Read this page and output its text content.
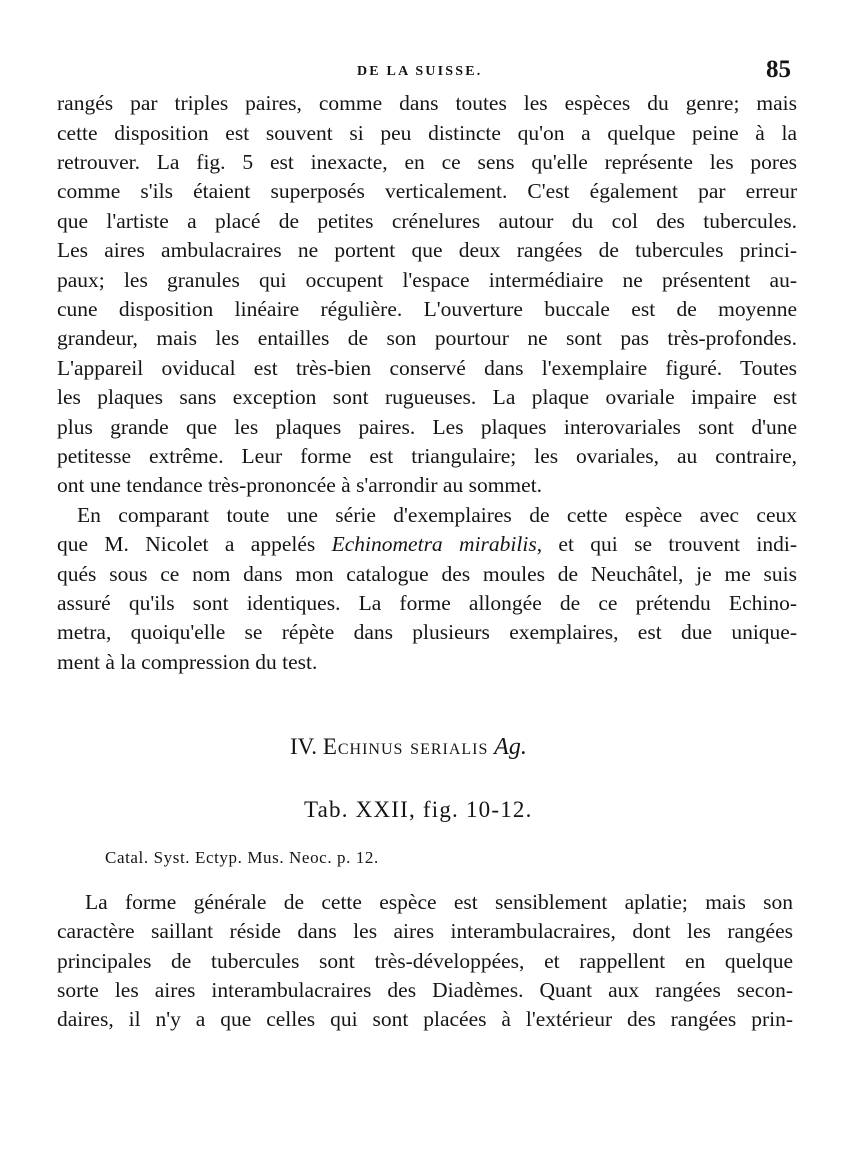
DE LA SUISSE.	85
rangés par triples paires, comme dans toutes les espèces du genre; mais
cette disposition est souvent si peu distincte qu'on a quelque peine à la
retrouver. La fig. 5 est inexacte, en ce sens qu'elle représente les pores
comme s'ils étaient superposés verticalement. C'est également par erreur
que l'artiste a placé de petites crénelures autour du col des tubercules.
Les aires ambulacraires ne portent que deux rangées de tubercules princi-
paux; les granules qui occupent l'espace intermédiaire ne présentent au-
cune disposition linéaire régulière. L'ouverture buccale est de moyenne
grandeur, mais les entailles de son pourtour ne sont pas très-profondes.
L'appareil oviducal est très-bien conservé dans l'exemplaire figuré. Toutes
les plaques sans exception sont rugueuses. La plaque ovariale impaire est
plus grande que les plaques paires. Les plaques interovariales sont d'une
petitesse extrême. Leur forme est triangulaire; les ovariales, au contraire,
ont une tendance très-prononcée à s'arrondir au sommet.
En comparant toute une série d'exemplaires de cette espèce avec ceux
que M. Nicolet a appelés Echinometra mirabilis, et qui se trouvent indi-
qués sous ce nom dans mon catalogue des moules de Neuchâtel, je me suis
assuré qu'ils sont identiques. La forme allongée de ce prétendu Echino-
metra, quoiqu'elle se répète dans plusieurs exemplaires, est due unique-
ment à la compression du test.
IV. Echinus serialis Ag.
Tab. XXII, fig. 10-12.
Catal. Syst. Ectyp. Mus. Neoc. p. 12.
La forme générale de cette espèce est sensiblement aplatie; mais son
caractère saillant réside dans les aires interambulacraires, dont les rangées
principales de tubercules sont très-développées, et rappellent en quelque
sorte les aires interambulacraires des Diadèmes. Quant aux rangées secon-
daires, il n'y a que celles qui sont placées à l'extérieur des rangées prin-
